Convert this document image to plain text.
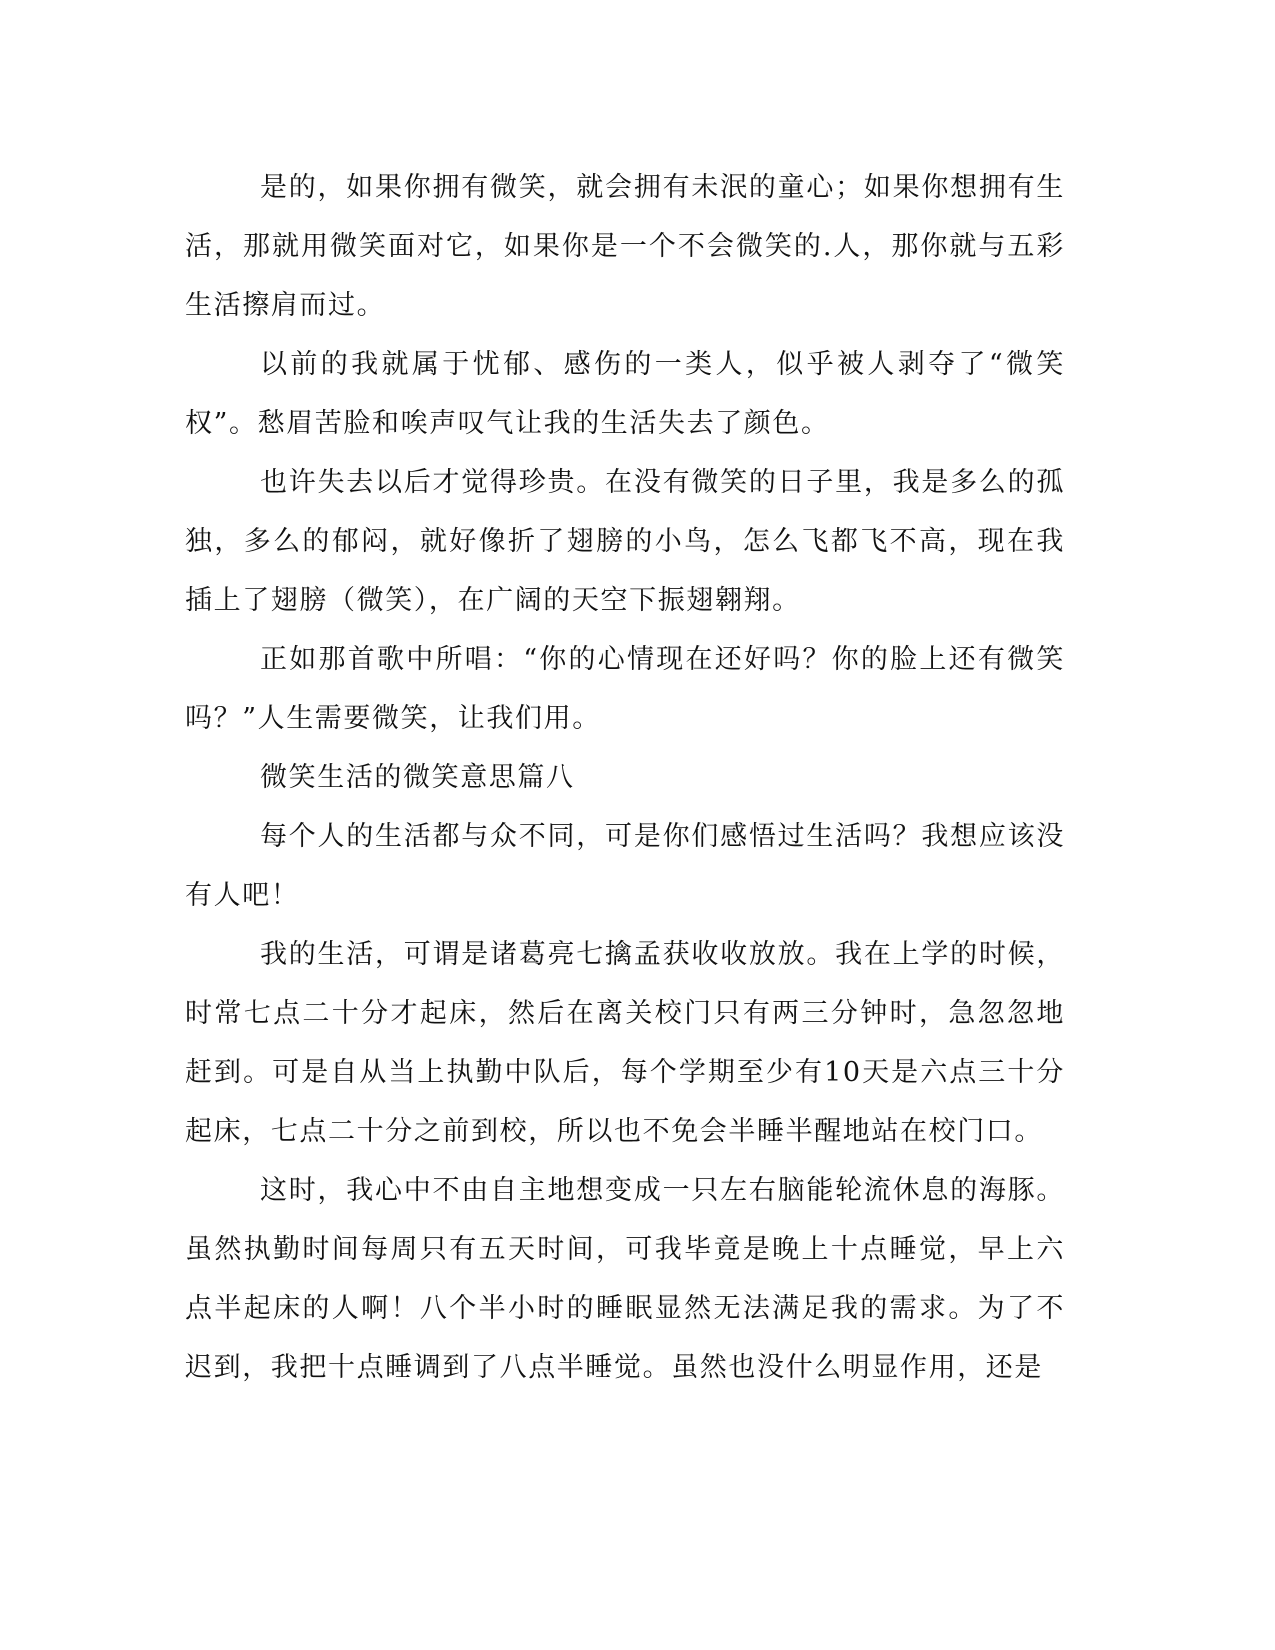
是的，如果你拥有微笑，就会拥有未泯的童心；如果你想拥有生活，那就用微笑面对它，如果你是一个不会微笑的.人，那你就与五彩生活擦肩而过。

以前的我就属于忧郁、感伤的一类人，似乎被人剥夺了“微笑权”。愁眉苦脸和唉声叹气让我的生活失去了颜色。

也许失去以后才觉得珍贵。在没有微笑的日子里，我是多么的孤独，多么的郁闷，就好像折了翅膀的小鸟，怎么飞都飞不高，现在我插上了翅膀（微笑），在广阔的天空下振翅翱翔。

正如那首歌中所唱：“你的心情现在还好吗？你的脸上还有微笑吗？”人生需要微笑，让我们用。

微笑生活的微笑意思篇八

每个人的生活都与众不同，可是你们感悟过生活吗？我想应该没有人吧！

我的生活，可谓是诸葛亮七擒孟获收收放放。我在上学的时候，时常七点二十分才起床，然后在离关校门只有两三分钟时，急忽忽地赶到。可是自从当上执勤中队后，每个学期至少有10天是六点三十分起床，七点二十分之前到校，所以也不免会半睡半醒地站在校门口。

这时，我心中不由自主地想变成一只左右脑能轮流休息的海豚。虽然执勤时间每周只有五天时间，可我毕竟是晚上十点睡觉，早上六点半起床的人啊！八个半小时的睡眠显然无法满足我的需求。为了不迟到，我把十点睡调到了八点半睡觉。虽然也没什么明显作用，还是
